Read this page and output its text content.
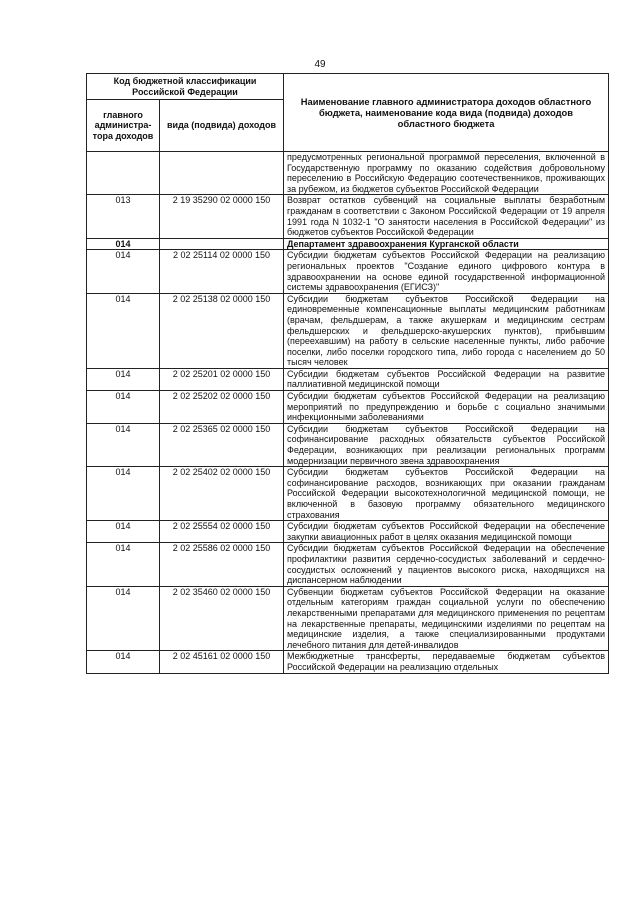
49
Код бюджетной классификации Российской Федерации		Наименование главного администратора доходов областного бюджета, наименование кода вида (подвида) доходов областного бюджета
главного администра-тора доходов	вида (подвида) доходов	
		предусмотренных региональной программой переселения, включенной в Государственную программу по оказанию содействия добровольному переселению в Российскую Федерацию соотечественников, проживающих за рубежом, из бюджетов субъектов Российской Федерации
013	2 19 35290 02 0000 150	Возврат остатков субвенций на социальные выплаты безработным гражданам в соответствии с Законом Российской Федерации от 19 апреля 1991 года N 1032-1 "О занятости населения в Российской Федерации" из бюджетов субъектов Российской Федерации
014		Департамент здравоохранения Курганской области
014	2 02 25114 02 0000 150	Субсидии бюджетам субъектов Российской Федерации на реализацию региональных проектов "Создание единого цифрового контура в здравоохранении на основе единой государственной информационной системы здравоохранения (ЕГИСЗ)"
014	2 02 25138 02 0000 150	Субсидии бюджетам субъектов Российской Федерации на единовременные компенсационные выплаты медицинским работникам (врачам, фельдшерам, а также акушеркам и медицинским сестрам фельдшерских и фельдшерско-акушерских пунктов), прибывшим (переехавшим) на работу в сельские населенные пункты, либо рабочие поселки, либо поселки городского типа, либо города с населением до 50 тысяч человек
014	2 02 25201 02 0000 150	Субсидии бюджетам субъектов Российской Федерации на развитие паллиативной медицинской помощи
014	2 02 25202 02 0000 150	Субсидии бюджетам субъектов Российской Федерации на реализацию мероприятий по предупреждению и борьбе с социально значимыми инфекционными заболеваниями
014	2 02 25365 02 0000 150	Субсидии бюджетам субъектов Российской Федерации на софинансирование расходных обязательств субъектов Российской Федерации, возникающих при реализации региональных программ модернизации первичного звена здравоохранения
014	2 02 25402 02 0000 150	Субсидии бюджетам субъектов Российской Федерации на софинансирование расходов, возникающих при оказании гражданам Российской Федерации высокотехнологичной медицинской помощи, не включенной в базовую программу обязательного медицинского страхования
014	2 02 25554 02 0000 150	Субсидии бюджетам субъектов Российской Федерации на обеспечение закупки авиационных работ в целях оказания медицинской помощи
014	2 02 25586 02 0000 150	Субсидии бюджетам субъектов Российской Федерации на обеспечение профилактики развития сердечно-сосудистых заболеваний и сердечно-сосудистых осложнений у пациентов высокого риска, находящихся на диспансерном наблюдении
014	2 02 35460 02 0000 150	Субвенции бюджетам субъектов Российской Федерации на оказание отдельным категориям граждан социальной услуги по обеспечению лекарственными препаратами для медицинского применения по рецептам на лекарственные препараты, медицинскими изделиями по рецептам на медицинские изделия, а также специализированными продуктами лечебного питания для детей-инвалидов
014	2 02 45161 02 0000 150	Межбюджетные трансферты, передаваемые бюджетам субъектов Российской Федерации на реализацию отдельных
